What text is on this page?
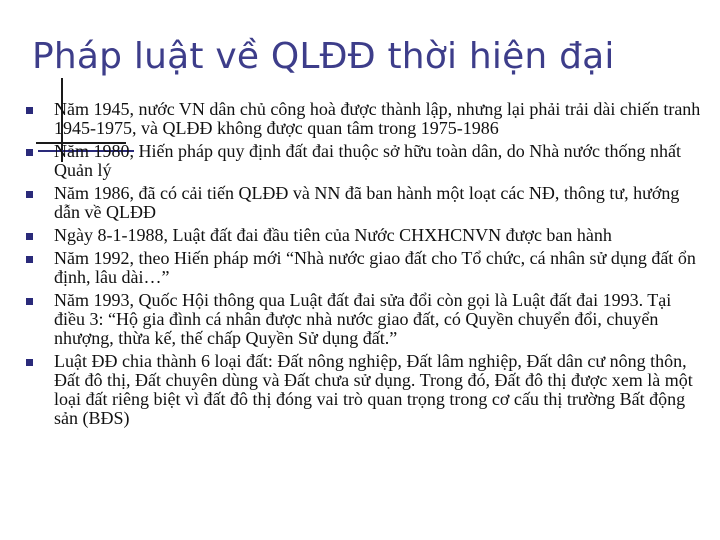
Pháp luật về QLĐĐ thời hiện đại
Năm 1945, nước VN dân chủ công hoà được thành lập, nhưng lại phải trải dài chiến tranh 1945-1975, và QLĐĐ không được quan tâm trong 1975-1986
Năm 1980, Hiến pháp quy định đất đai thuộc sở hữu toàn dân, do Nhà nước thống nhất Quản lý
Năm 1986, đã có cải tiến QLĐĐ và NN đã ban hành một loạt các NĐ, thông tư, hướng dẫn về QLĐĐ
Ngày 8-1-1988, Luật đất đai đầu tiên của Nước CHXHCNVN được ban hành
Năm 1992, theo Hiến pháp mới “Nhà nước giao đất cho Tổ chức, cá nhân sử dụng đất ổn định, lâu dài…”
Năm 1993, Quốc Hội thông qua Luật đất đai sửa đổi còn gọi là Luật đất đai 1993. Tại điều 3: “Hộ gia đình cá nhân được nhà nước giao đất, có Quyền chuyển đổi, chuyển nhượng, thừa kế, thế chấp Quyền Sử dụng đất.”
Luật ĐĐ chia thành 6 loại đất: Đất nông nghiệp, Đất lâm nghiệp, Đất dân cư nông thôn, Đất đô thị, Đất chuyên dùng và Đất chưa sử dụng. Trong đó, Đất đô thị được xem là một loại đất riêng biệt vì đất đô thị đóng vai trò quan trọng trong cơ cấu thị trường Bất động sản (BĐS)
